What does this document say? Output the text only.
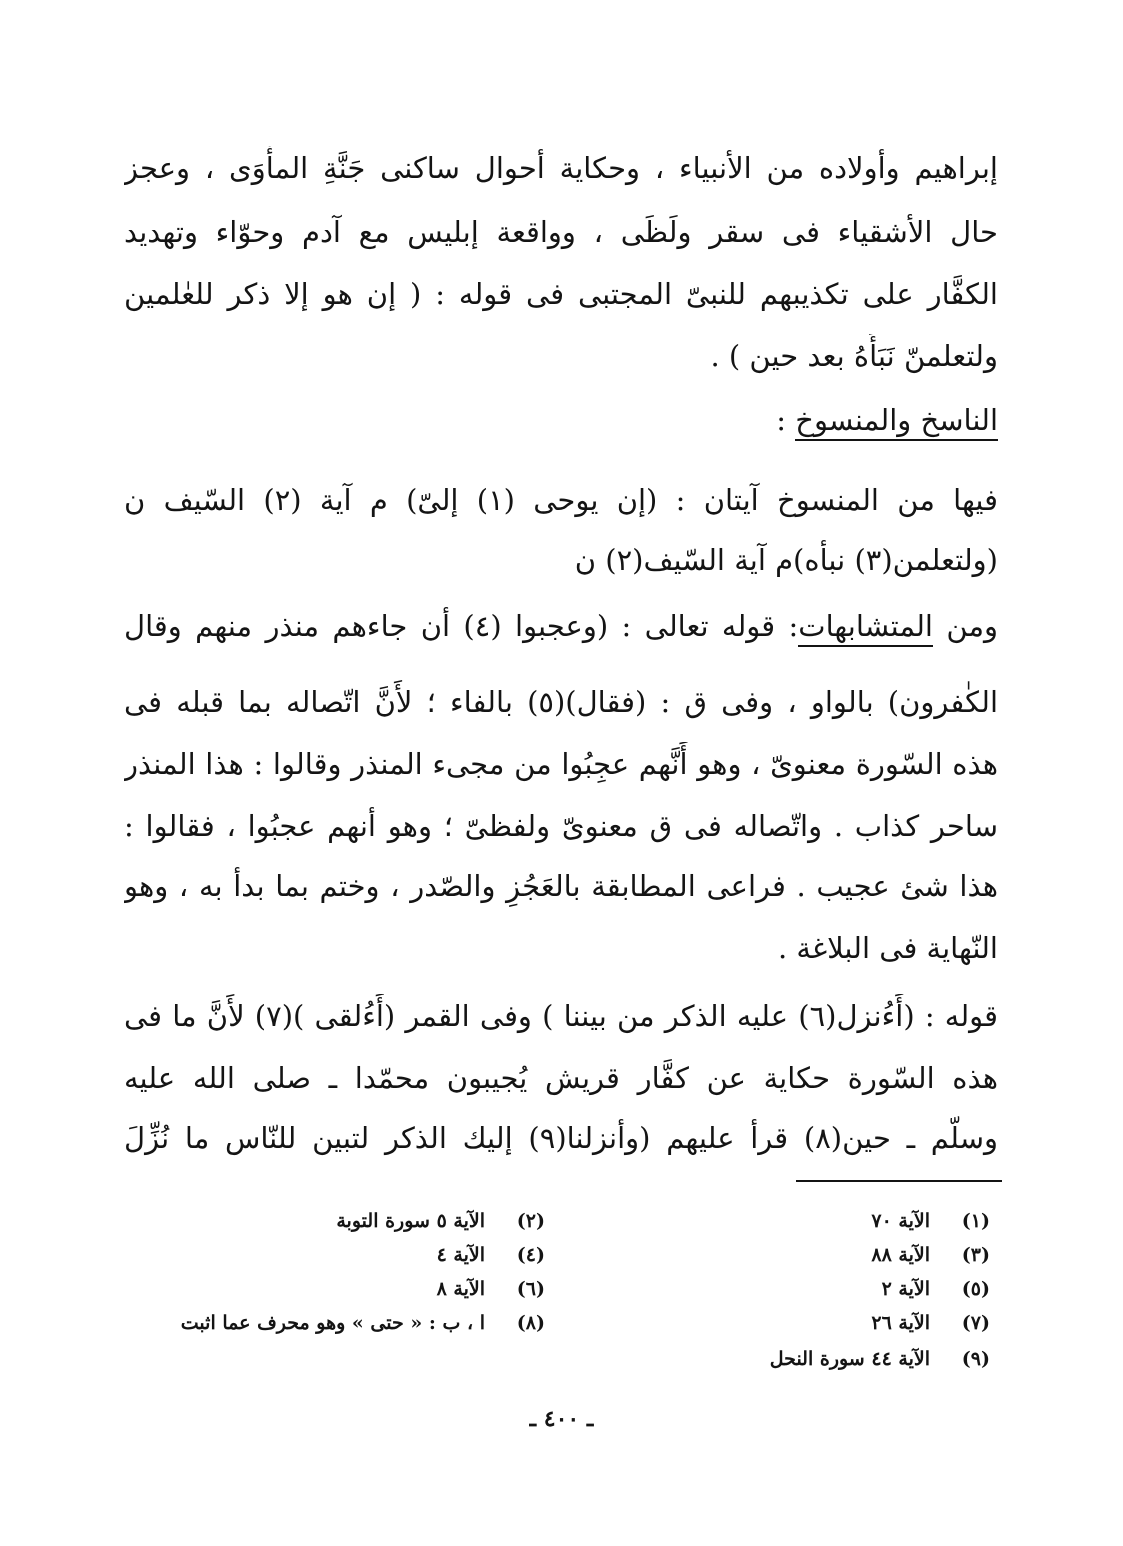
إبراهيم وأولاده من الأنبياء ، وحكاية أحوال ساكنى جَنَّةِ المأْوَى ، وعجز
حال الأشقياء فى سقر ولَظَى ، وواقعة إبليس مع آدم وحوّاء وتهديد
الكفَّار على تكذيبهم للنبىّ المجتبى فى قوله : ( إن هو إلا ذكر للعٰلمين
ولتعلمنّ نَبَأَهُ بعد حين ) .
الناسخ والمنسوخ :
فيها من المنسوخ آيتان : (إن يوحى (١) إلىّ) م آية (٢) السّيف ن
(ولتعلمن(٣) نبأه)م آية السّيف(٢) ن
ومن المتشابهات: قوله تعالى : (وعجبوا (٤) أن جاءهم منذر منهم وقال
الكٰفرون) بالواو ، وفى ق : (فقال)(٥) بالفاء ؛ لأَنَّ اتّصاله بما قبله فى
هذه السّورة معنوىّ ، وهو أَنَّهم عجِبُوا من مجىء المنذر وقالوا : هذا المنذر
ساحر كذاب . واتّصاله فى ق معنوىّ ولفظىّ ؛ وهو أنهم عجبُوا ، فقالوا :
هذا شئ عجيب . فراعى المطابقة بالعَجُزِ والصّدر ، وختم بما بدأ به ، وهو
النّهاية فى البلاغة .
قوله : (أَءُنزل(٦) عليه الذكر من بيننا ) وفى القمر (أَءُلقى )(٧) لأَنَّ ما فى
هذه السّورة حكاية عن كفَّار قريش يُجيبون محمّدا ـ صلى الله عليه
وسلّم ـ حين(٨) قرأ عليهم (وأنزلنا(٩) إليك الذكر لتبين للنّاس ما نُزِّلَ
(١)الآية ٧٠
(٣)الآية ٨٨
(٥)الآية ٢
(٧)الآية ٢٦
(٩)الآية ٤٤ سورة النحل
(٢)الآية ٥ سورة التوبة
(٤)الآية ٤
(٦)الآية ٨
(٨)ا ، ب : « حتى » وهو محرف عما اثبت
ـ ٤٠٠ ـ
